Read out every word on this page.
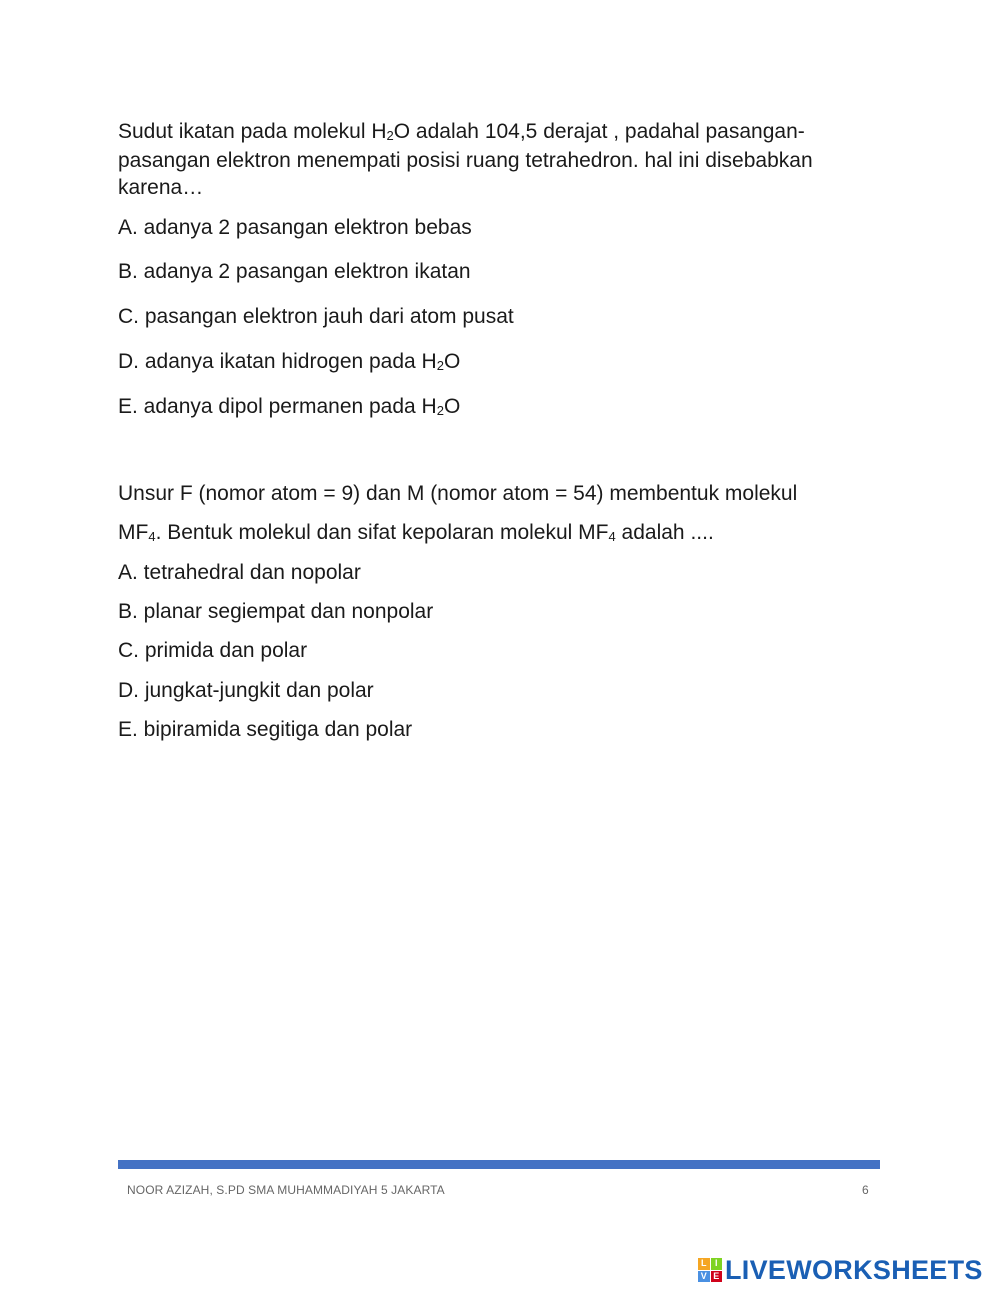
Sudut ikatan pada molekul $H_2O$ adalah 104,5 derajat , padahal pasangan-pasangan elektron menempati posisi ruang tetrahedron. hal ini disebabkan karena…
A. adanya 2 pasangan elektron bebas
B. adanya 2 pasangan elektron ikatan
C. pasangan elektron jauh dari atom pusat
D. adanya ikatan hidrogen pada $H_2O$
E. adanya dipol permanen pada $H_2O$
Unsur F (nomor atom = 9) dan M (nomor atom = 54) membentuk molekul
$MF_4$. Bentuk molekul dan sifat kepolaran molekul $MF_4$ adalah ....
A. tetrahedral dan nopolar
B. planar segiempat dan nonpolar
C. primida dan polar
D. jungkat-jungkit dan polar
E. bipiramida segitiga dan polar
NOOR AZIZAH, S.PD SMA MUHAMMADIYAH 5 JAKARTA	6
L I
V E LIVEWORKSHEETS
